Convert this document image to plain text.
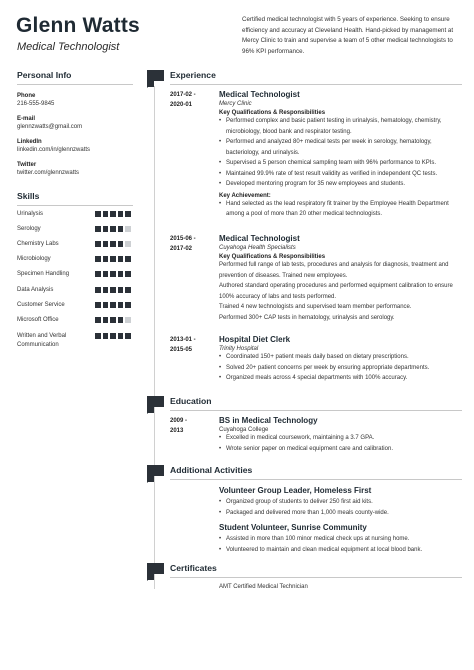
Glenn Watts
Medical Technologist
Certified medical technologist with 5 years of experience. Seeking to ensure efficiency and accuracy at Cleveland Health. Hand-picked by management at Mercy Clinic to train and supervise a team of 5 other medical technologists to 96% KPI performance.
Personal Info
Phone
216-555-9845
E-mail
glennzwatts@gmail.com
LinkedIn
linkedin.com/in/glennzwatts
Twitter
twitter.com/glennzwatts
Skills
Urinalysis
Serology
Chemistry Labs
Microbiology
Specimen Handling
Data Analysis
Customer Service
Microsoft Office
Written and Verbal Communication
Experience
2017-02 -
2020-01
Medical Technologist
Mercy Clinic
Key Qualifications & Responsibilities
• Performed complex and basic patient testing in urinalysis, hematology, chemistry, microbiology, blood bank and respirator testing.
• Performed and analyzed 80+ medical tests per week in serology, hematology, bacteriology, and urinalysis.
• Supervised a 5 person chemical sampling team with 96% performance to KPIs.
• Maintained 99.9% rate of test result validity as verified in independent QC tests.
• Developed mentoring program for 35 new employees and students.
Key Achievement:
• Hand selected as the lead respiratory fit trainer by the Employee Health Department among a pool of more than 20 other medical technologists.
2015-06 -
2017-02
Medical Technologist
Cuyahoga Health Specialists
Key Qualifications & Responsibilities
Performed full range of lab tests, procedures and analysis for diagnosis, treatment and prevention of diseases. Trained new employees.
Authored standard operating procedures and performed equipment calibration to ensure 100% accuracy of labs and tests performed.
Trained 4 new technologists and supervised team member performance.
Performed 300+ CAP tests in hematology, urinalysis and serology.
2013-01 -
2015-05
Hospital Diet Clerk
Trinity Hospital
• Coordinated 150+ patient meals daily based on dietary prescriptions.
• Solved 20+ patient concerns per week by ensuring appropriate departments.
• Organized meals across 4 special departments with 100% accuracy.
Education
2009 -
2013
BS in Medical Technology
Cuyahoga College
• Excelled in medical coursework, maintaining a 3.7 GPA.
• Wrote senior paper on medical equipment care and calibration.
Additional Activities
Volunteer Group Leader, Homeless First
• Organized group of students to deliver 250 first aid kits.
• Packaged and delivered more than 1,000 meals county-wide.
Student Volunteer, Sunrise Community
• Assisted in more than 100 minor medical check ups at nursing home.
• Volunteered to maintain and clean medical equipment at local blood bank.
Certificates
AMT Certified Medical Technician
